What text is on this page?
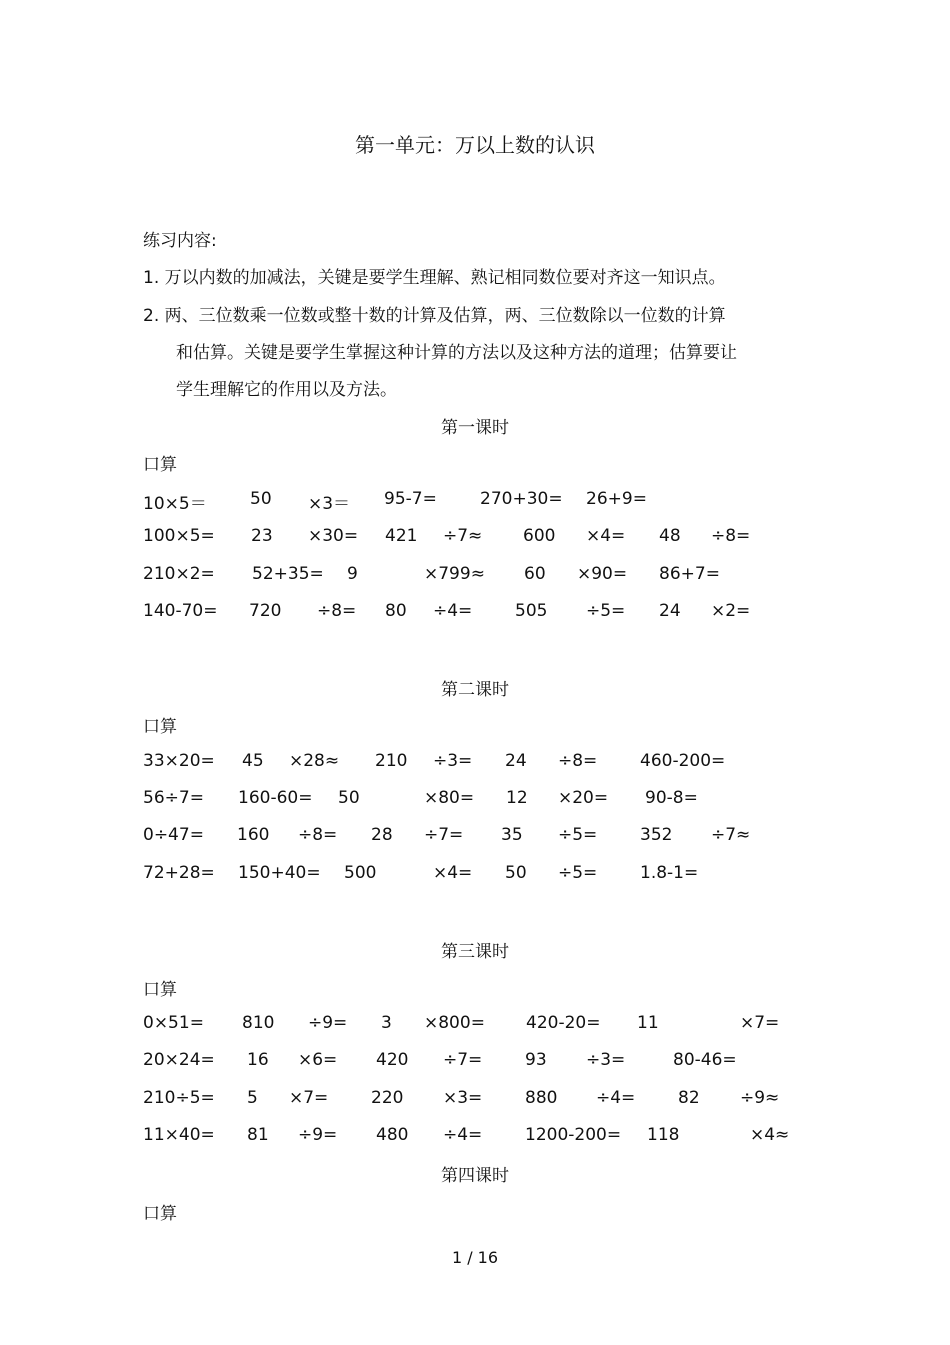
第一单元：万以上数的认识
练习内容:
1. 万以内数的加减法，关键是要学生理解、熟记相同数位要对齐这一知识点。
2. 两、三位数乘一位数或整十数的计算及估算，两、三位数除以一位数的计算
和估算。关键是要学生掌握这种计算的方法以及这种方法的道理；估算要让
学生理解它的作用以及方法。
第一课时
口算
10×5＝	50 ×3＝ 95-7=	270+30= 26+9=
100×5= 23 ×30= 421 ÷7≈ 600 ×4= 48 ÷8=
210×2= 52+35= 9	×799≈ 60 ×90= 86+7=
140-70= 720 ÷8= 80 ÷4=	505 ÷5= 24 ×2=
第二课时
口算
33×20= 45 ×28≈ 210 ÷3= 24 ÷8=	460-200=
56÷7= 160-60= 50	×80= 12 ×20= 90-8=
0÷47= 160 ÷8= 28 ÷7= 35 ÷5=	352 ÷7≈
72+28= 150+40= 500	×4= 50 ÷5=	1.8-1=
第三课时
口算
0×51= 810 ÷9= 3 ×800= 420-20= 11	×7=
20×24= 16 ×6= 420 ÷7=	93 ÷3=	80-46=
210÷5= 5 ×7=	220 ×3=	880 ÷4=	82 ÷9≈
11×40= 81 ÷9= 480 ÷4=	1200-200= 118	×4≈
第四课时
口算
1 / 16
